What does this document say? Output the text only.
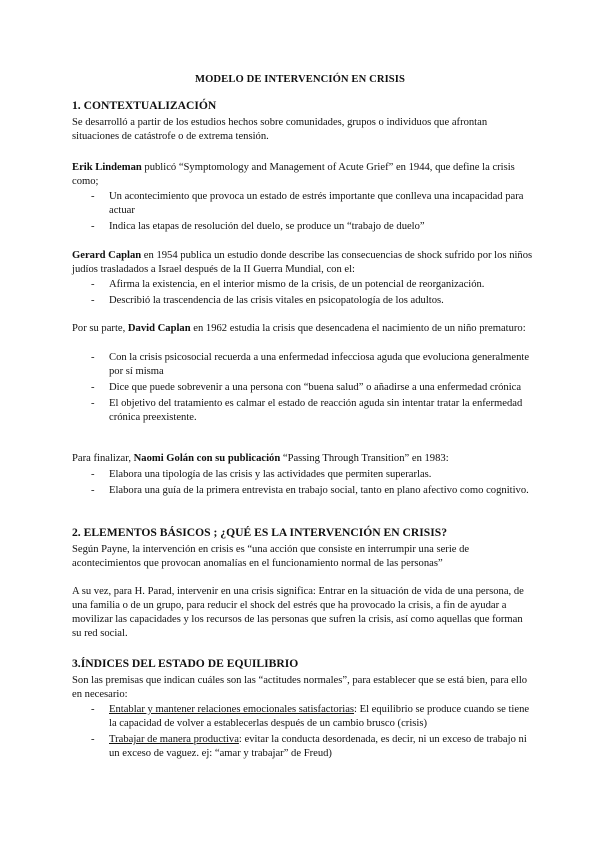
MODELO DE INTERVENCIÓN EN CRISIS
1. CONTEXTUALIZACIÓN
Se desarrolló a partir de los estudios hechos sobre comunidades, grupos o individuos que afrontan situaciones de catástrofe o de extrema tensión.
Erik Lindeman publicó “Symptomology and Management of Acute Grief” en 1944, que define la crisis como;
- Un acontecimiento que provoca un estado de estrés importante que conlleva una incapacidad para actuar
- Indica las etapas de resolución del duelo, se produce un “trabajo de duelo”
Gerard Caplan en 1954 publica un estudio donde describe las consecuencias de shock sufrido por los niños judíos trasladados a Israel después de la II Guerra Mundial, con el:
- Afirma la existencia, en el interior mismo de la crisis, de un potencial de reorganización.
- Describió la trascendencia de las crisis vitales en psicopatología de los adultos.
Por su parte, David Caplan en 1962 estudia la crisis que desencadena el nacimiento de un niño prematuro:
- Con la crisis psicosocial recuerda a una enfermedad infecciosa aguda que evoluciona generalmente por sí misma
- Dice que puede sobrevenir a una persona con “buena salud” o añadirse a una enfermedad crónica
- El objetivo del tratamiento es calmar el estado de reacción aguda sin intentar tratar la enfermedad crónica preexistente.
Para finalizar, Naomi Golán con su publicación “Passing Through Transition” en 1983:
- Elabora una tipología de las crisis y las actividades que permiten superarlas.
- Elabora una guía de la primera entrevista en trabajo social, tanto en plano afectivo como cognitivo.
2. ELEMENTOS BÁSICOS ; ¿QUÉ ES LA INTERVENCIÓN EN CRISIS?
Según Payne, la intervención en crisis es “una acción que consiste en interrumpir una serie de acontecimientos que provocan anomalías en el funcionamiento normal de las personas”
A su vez, para H. Parad, intervenir en una crisis significa: Entrar en la situación de vida de una persona, de una familia o de un grupo, para reducir el shock del estrés que ha provocado la crisis, a fin de ayudar a movilizar las capacidades y los recursos de las personas que sufren la crisis, así como aquellas que forman su red social.
3.ÍNDICES DEL ESTADO DE EQUILIBRIO
Son las premisas que indican cuáles son las “actitudes normales”, para establecer que se está bien, para ello en necesario:
- Entablar y mantener relaciones emocionales satisfactorias: El equilibrio se produce cuando se tiene la capacidad de volver a establecerlas después de un cambio brusco (crisis)
- Trabajar de manera productiva: evitar la conducta desordenada, es decir, ni un exceso de trabajo ni un exceso de vaguez. ej: “amar y trabajar” de Freud)
